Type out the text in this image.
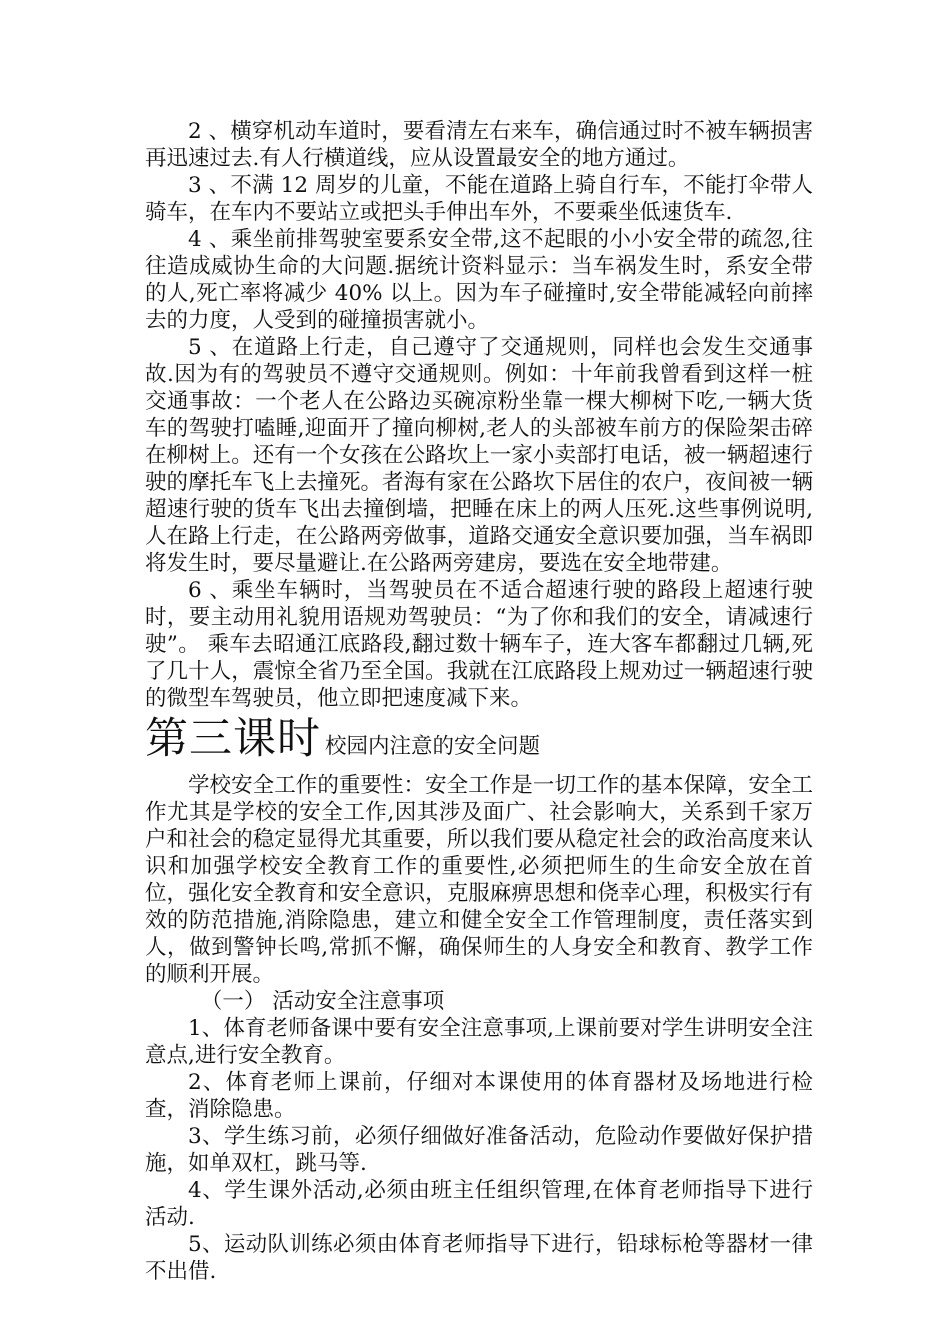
2 、横穿机动车道时，要看清左右来车，确信通过时不被车辆损害再迅速过去.有人行横道线，应从设置最安全的地方通过。

3 、不满 12 周岁的儿童，不能在道路上骑自行车，不能打伞带人骑车，在车内不要站立或把头手伸出车外，不要乘坐低速货车.

4 、乘坐前排驾驶室要系安全带,这不起眼的小小安全带的疏忽,往往造成威协生命的大问题.据统计资料显示：当车祸发生时，系安全带的人,死亡率将减少 40% 以上。因为车子碰撞时,安全带能减轻向前摔去的力度，人受到的碰撞损害就小。

5 、在道路上行走，自己遵守了交通规则，同样也会发生交通事故.因为有的驾驶员不遵守交通规则。例如：十年前我曾看到这样一桩交通事故：一个老人在公路边买碗凉粉坐靠一棵大柳树下吃,一辆大货车的驾驶打嗑睡,迎面开了撞向柳树,老人的头部被车前方的保险架击碎在柳树上。还有一个女孩在公路坎上一家小卖部打电话，被一辆超速行驶的摩托车飞上去撞死。者海有家在公路坎下居住的农户，夜间被一辆超速行驶的货车飞出去撞倒墙，把睡在床上的两人压死.这些事例说明,人在路上行走，在公路两旁做事，道路交通安全意识要加强，当车祸即将发生时，要尽量避让.在公路两旁建房，要选在安全地带建。

6 、乘坐车辆时，当驾驶员在不适合超速行驶的路段上超速行驶时，要主动用礼貌用语规劝驾驶员：“为了你和我们的安全，请减速行驶”。 乘车去昭通江底路段,翻过数十辆车子，连大客车都翻过几辆,死了几十人，震惊全省乃至全国。我就在江底路段上规劝过一辆超速行驶的微型车驾驶员，他立即把速度减下来。

第三课时 校园内注意的安全问题

学校安全工作的重要性：安全工作是一切工作的基本保障，安全工作尤其是学校的安全工作,因其涉及面广、社会影响大，关系到千家万户和社会的稳定显得尤其重要，所以我们要从稳定社会的政治高度来认识和加强学校安全教育工作的重要性,必须把师生的生命安全放在首位，强化安全教育和安全意识，克服麻痹思想和侥幸心理，积极实行有效的防范措施,消除隐患，建立和健全安全工作管理制度，责任落实到人，做到警钟长鸣,常抓不懈，确保师生的人身安全和教育、教学工作的顺利开展。

（一） 活动安全注意事项

1、体育老师备课中要有安全注意事项,上课前要对学生讲明安全注意点,进行安全教育。

2、体育老师上课前，仔细对本课使用的体育器材及场地进行检查，消除隐患。

3、学生练习前，必须仔细做好准备活动，危险动作要做好保护措施，如单双杠，跳马等.

4、学生课外活动,必须由班主任组织管理,在体育老师指导下进行活动.

5、运动队训练必须由体育老师指导下进行，铅球标枪等器材一律不出借.
